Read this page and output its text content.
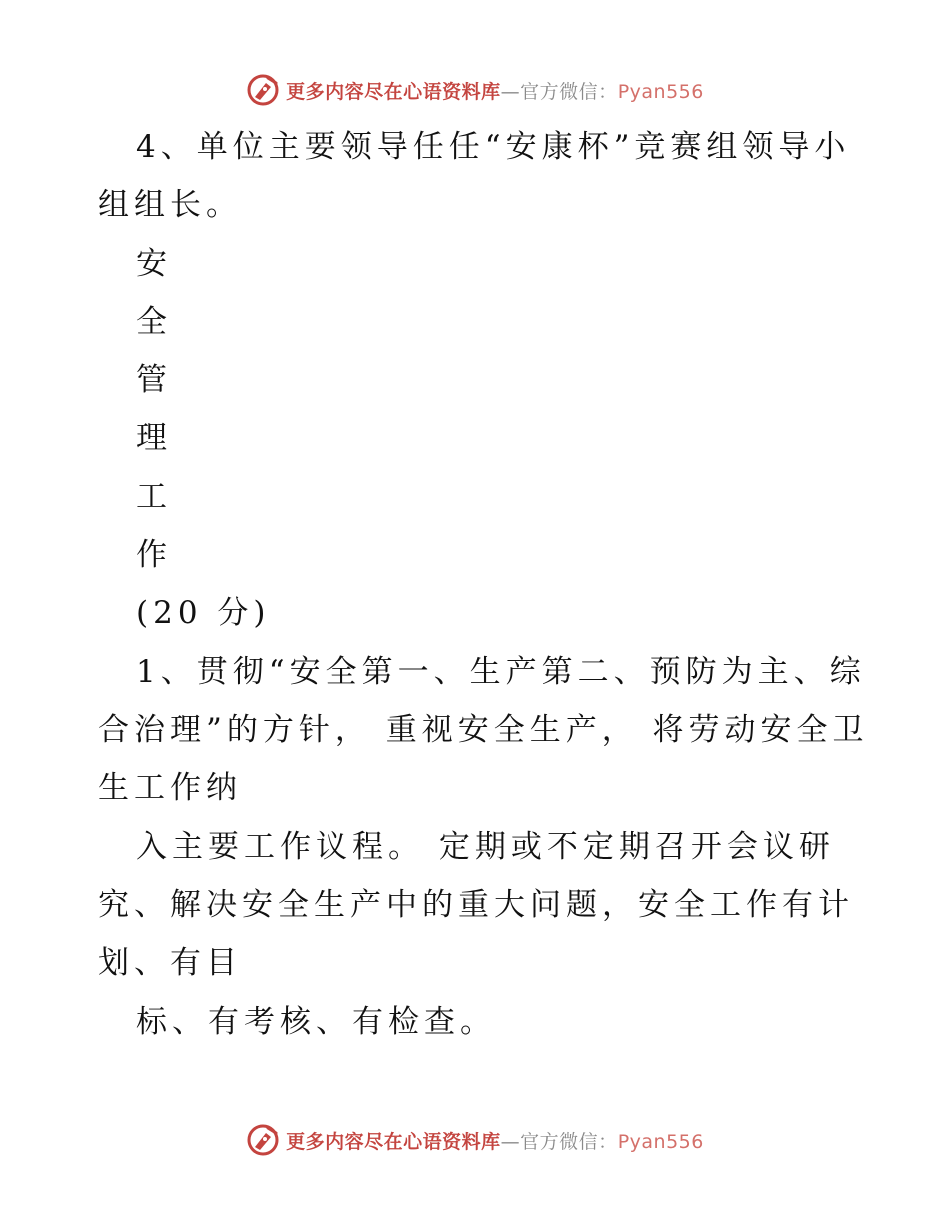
更多内容尽在心语资料库—官方微信：Pyan556
4、单位主要领导任任“安康杯”竞赛组领导小
组组长。
安
全
管
理
工
作
(20 分)
1、贯彻“安全第一、生产第二、预防为主、综
合治理”的方针， 重视安全生产， 将劳动安全卫
生工作纳
入主要工作议程。 定期或不定期召开会议研
究、解决安全生产中的重大问题，安全工作有计
划、有目
标、有考核、有检查。
更多内容尽在心语资料库—官方微信：Pyan556
